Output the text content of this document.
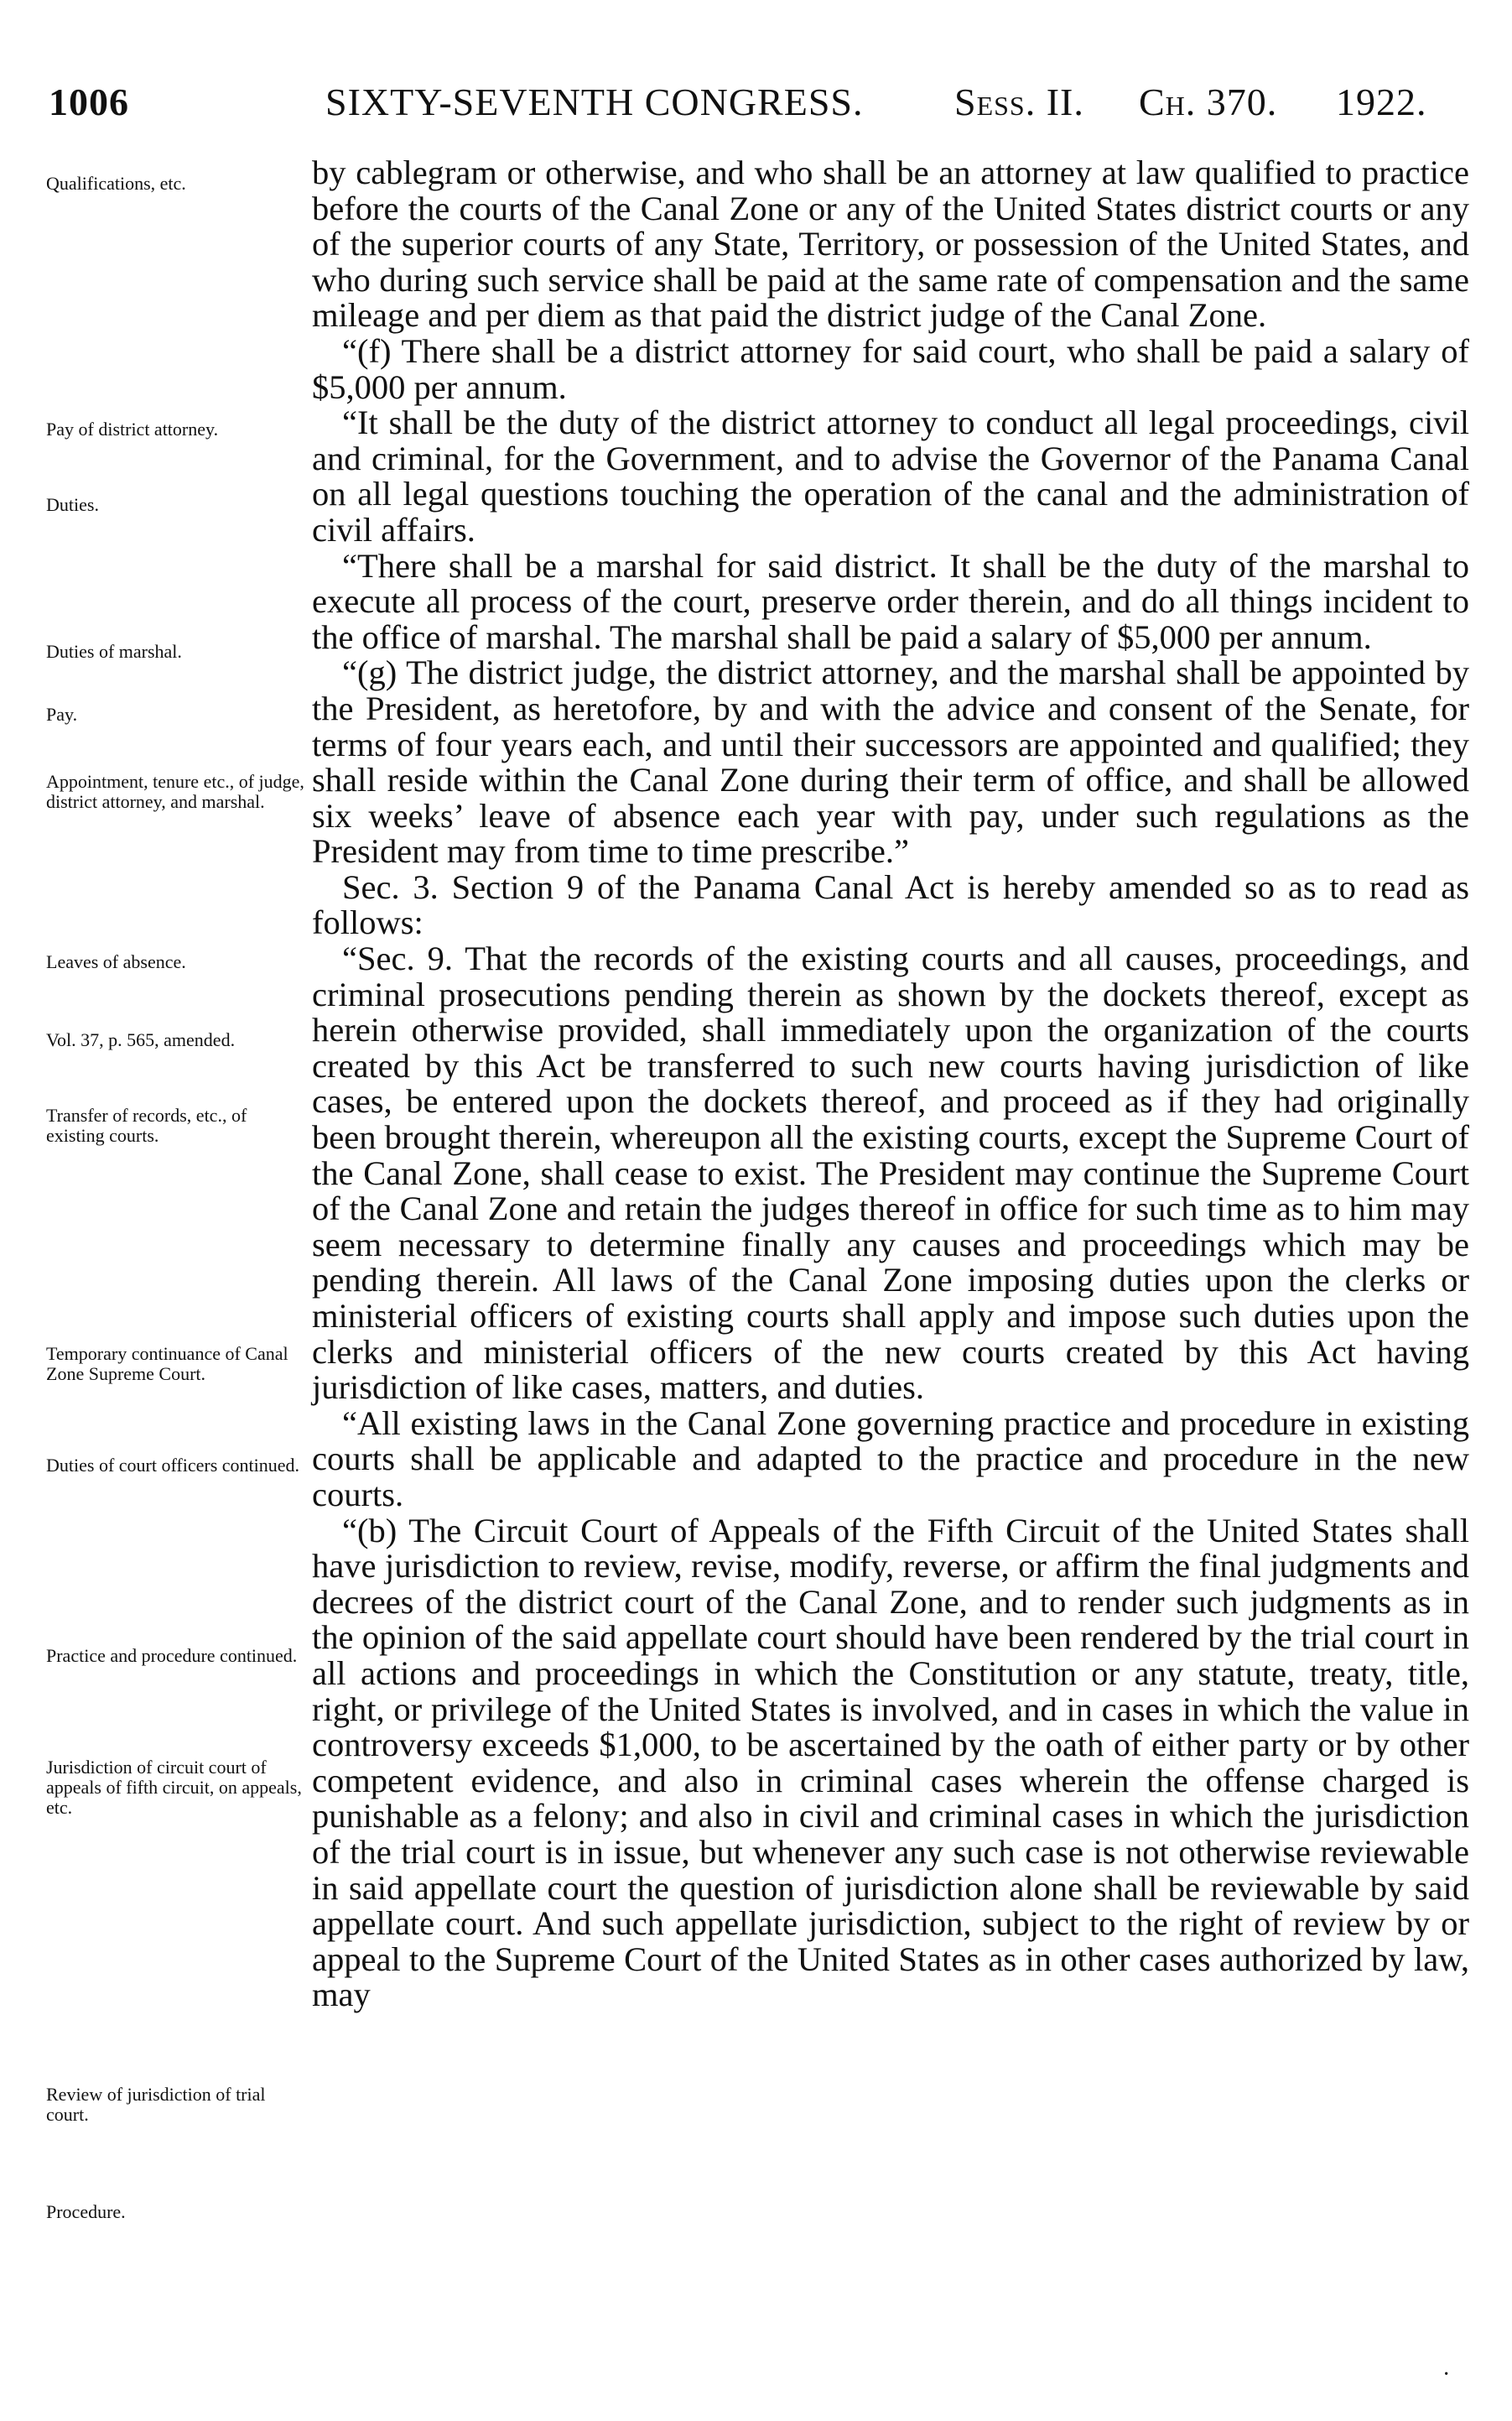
1006	SIXTY-SEVENTH CONGRESS. Sess. II. Ch. 370. 1922.
Qualifications, etc.
Pay of district attorney.
Duties.
Duties of marshal.
Pay.
Appointment, tenure etc., of judge, district attorney, and marshal.
Leaves of absence.
Vol. 37, p. 565, amended.
Transfer of records, etc., of existing courts.
Temporary continuance of Canal Zone Supreme Court.
Duties of court officers continued.
Practice and procedure continued.
Jurisdiction of circuit court of appeals of fifth circuit, on appeals, etc.
Review of jurisdiction of trial court.
Procedure.

by cablegram or otherwise, and who shall be an attorney at law qualified to practice before the courts of the Canal Zone or any of the United States district courts or any of the superior courts of any State, Territory, or possession of the United States, and who during such service shall be paid at the same rate of compensation and the same mileage and per diem as that paid the district judge of the Canal Zone.

“(f) There shall be a district attorney for said court, who shall be paid a salary of $5,000 per annum.

“It shall be the duty of the district attorney to conduct all legal proceedings, civil and criminal, for the Government, and to advise the Governor of the Panama Canal on all legal questions touching the operation of the canal and the administration of civil affairs.

“There shall be a marshal for said district. It shall be the duty of the marshal to execute all process of the court, preserve order therein, and do all things incident to the office of marshal. The marshal shall be paid a salary of $5,000 per annum.

“(g) The district judge, the district attorney, and the marshal shall be appointed by the President, as heretofore, by and with the advice and consent of the Senate, for terms of four years each, and until their successors are appointed and qualified; they shall reside within the Canal Zone during their term of office, and shall be allowed six weeks’ leave of absence each year with pay, under such regulations as the President may from time to time prescribe.”

Sec. 3. Section 9 of the Panama Canal Act is hereby amended so as to read as follows:

“Sec. 9. That the records of the existing courts and all causes, proceedings, and criminal prosecutions pending therein as shown by the dockets thereof, except as herein otherwise provided, shall immediately upon the organization of the courts created by this Act be transferred to such new courts having jurisdiction of like cases, be entered upon the dockets thereof, and proceed as if they had originally been brought therein, whereupon all the existing courts, except the Supreme Court of the Canal Zone, shall cease to exist. The President may continue the Supreme Court of the Canal Zone and retain the judges thereof in office for such time as to him may seem necessary to determine finally any causes and proceedings which may be pending therein. All laws of the Canal Zone imposing duties upon the clerks or ministerial officers of existing courts shall apply and impose such duties upon the clerks and ministerial officers of the new courts created by this Act having jurisdiction of like cases, matters, and duties.

“All existing laws in the Canal Zone governing practice and procedure in existing courts shall be applicable and adapted to the practice and procedure in the new courts.

“(b) The Circuit Court of Appeals of the Fifth Circuit of the United States shall have jurisdiction to review, revise, modify, reverse, or affirm the final judgments and decrees of the district court of the Canal Zone, and to render such judgments as in the opinion of the said appellate court should have been rendered by the trial court in all actions and proceedings in which the Constitution or any statute, treaty, title, right, or privilege of the United States is involved, and in cases in which the value in controversy exceeds $1,000, to be ascertained by the oath of either party or by other competent evidence, and also in criminal cases wherein the offense charged is punishable as a felony; and also in civil and criminal cases in which the jurisdiction of the trial court is in issue, but whenever any such case is not otherwise reviewable in said appellate court the question of jurisdiction alone shall be reviewable by said appellate court. And such appellate jurisdiction, subject to the right of review by or appeal to the Supreme Court of the United States as in other cases authorized by law, may

·
